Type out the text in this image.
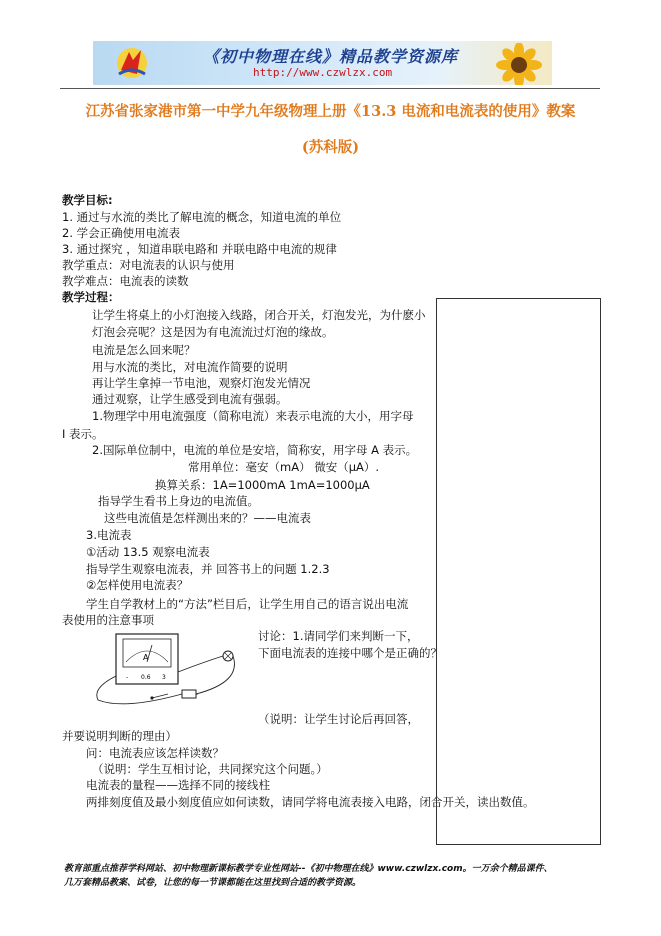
《初中物理在线》精品教学资源库
http://www.czwlzx.com
江苏省张家港市第一中学九年级物理上册《13.3 电流和电流表的使用》教案
(苏科版)
教学目标:
1. 通过与水流的类比了解电流的概念，知道电流的单位
2. 学会正确使用电流表
3. 通过探究 ，知道串联电路和 并联电路中电流的规律
教学重点：对电流表的认识与使用
教学难点：电流表的读数
教学过程：
让学生将桌上的小灯泡接入线路，闭合开关，灯泡发光，为什麽小
灯泡会亮呢？这是因为有电流流过灯泡的缘故。
电流是怎么回来呢？
用与水流的类比，对电流作简要的说明
再让学生拿掉一节电池，观察灯泡发光情况
通过观察，让学生感受到电流有强弱。
1.物理学中用电流强度（简称电流）来表示电流的大小，用字母
I 表示。
2.国际单位制中，电流的单位是安培，简称安，用字母 A 表示。
常用单位：毫安（mA） 微安（μA）.
换算关系：1A=1000mA 1mA=1000μA
指导学生看书上身边的电流值。
这些电流值是怎样测出来的？——电流表
3.电流表
①活动 13.5 观察电流表
指导学生观察电流表，并 回答书上的问题 1.2.3
②怎样使用电流表？
学生自学教材上的“方法”栏目后，让学生用自己的语言说出电流
表使用的注意事项
讨论：1.请同学们来判断一下，
下面电流表的连接中哪个是正确的？
（说明：让学生讨论后再回答，
并要说明判断的理由）
问：电流表应该怎样读数？
（说明：学生互相讨论，共同探究这个问题。）
电流表的量程——选择不同的接线柱
两排刻度值及最小刻度值应如何读数，请同学将电流表接入电路，闭合开关，读出数值。
A
- 0.6 3
教育部重点推荐学科网站、初中物理新课标教学专业性网站--《初中物理在线》www.czwlzx.com。一万余个精品课件、
几万套精品教案、试卷，让您的每一节课都能在这里找到合适的教学资源。
